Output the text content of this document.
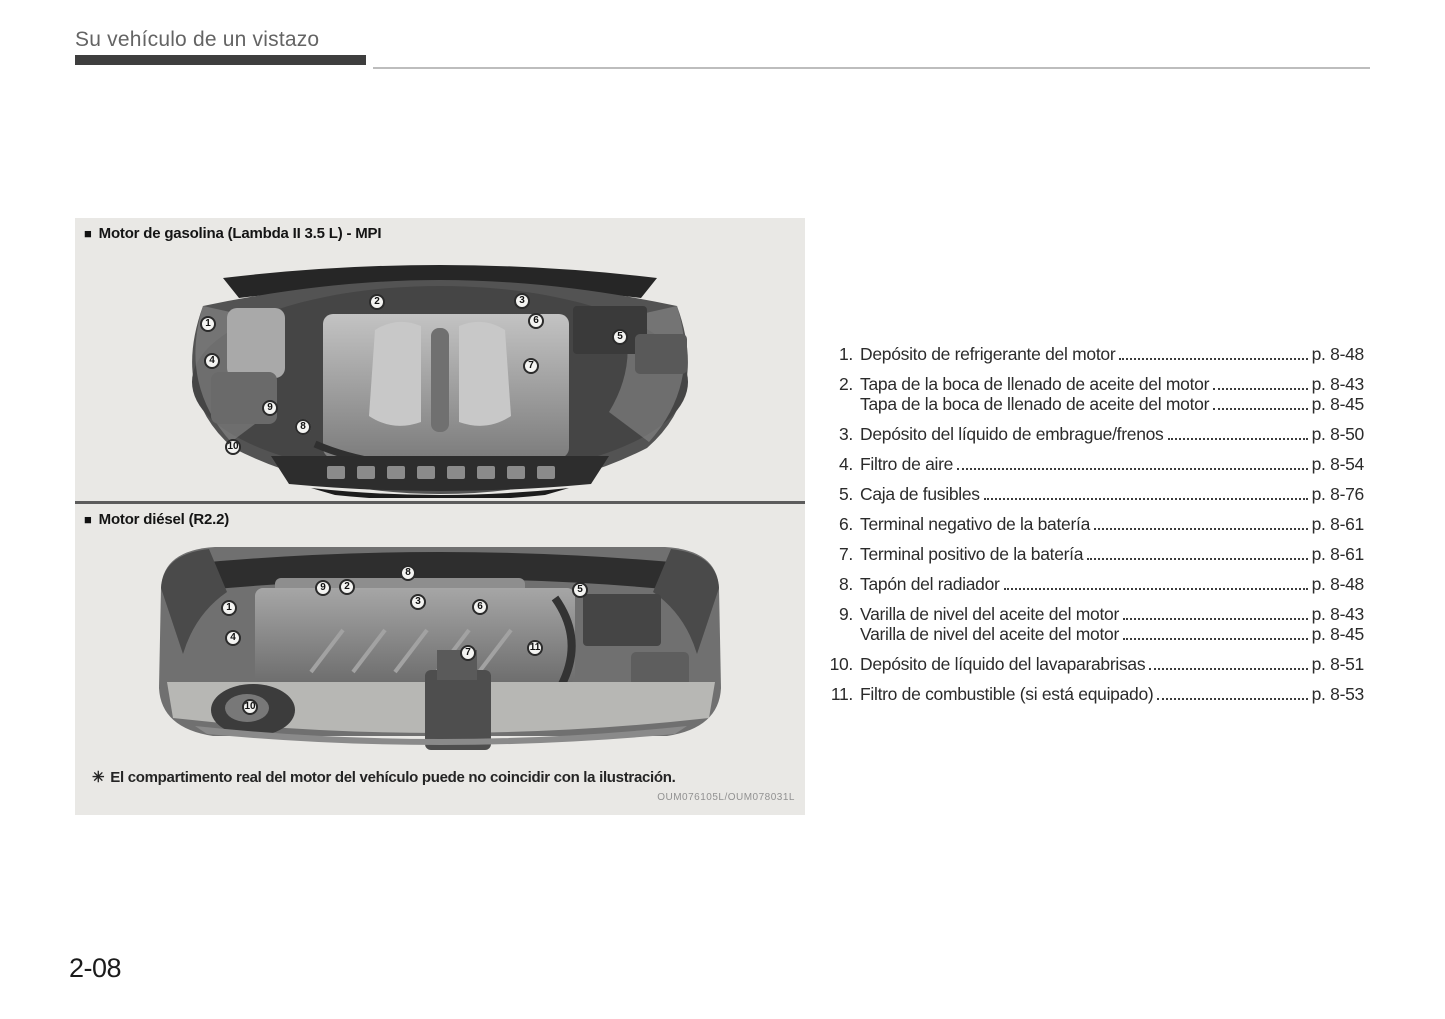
Su vehículo de un vistazo
■ Motor de gasolina (Lambda II 3.5 L) - MPI
1
2	3
4
5
6
7
8
9
10
■ Motor diésel (R2.2)
1
2
3
4
5
6
7
8
9
10
11
✳ El compartimento real del motor del vehículo puede no coincidir con la ilustración.
OUM076105L/OUM078031L
1. Depósito de refrigerante del motor	p. 8-48
2. Tapa de la boca de llenado de aceite del motor	p. 8-43
Tapa de la boca de llenado de aceite del motor	p. 8-45
3. Depósito del líquido de embrague/frenos	p. 8-50
4. Filtro de aire	p. 8-54
5. Caja de fusibles	p. 8-76
6. Terminal negativo de la batería	p. 8-61
7. Terminal positivo de la batería	p. 8-61
8. Tapón del radiador	p. 8-48
9. Varilla de nivel del aceite del motor	p. 8-43
Varilla de nivel del aceite del motor	p. 8-45
10. Depósito de líquido del lavaparabrisas	p. 8-51
11. Filtro de combustible (si está equipado)	p. 8-53
2-08
